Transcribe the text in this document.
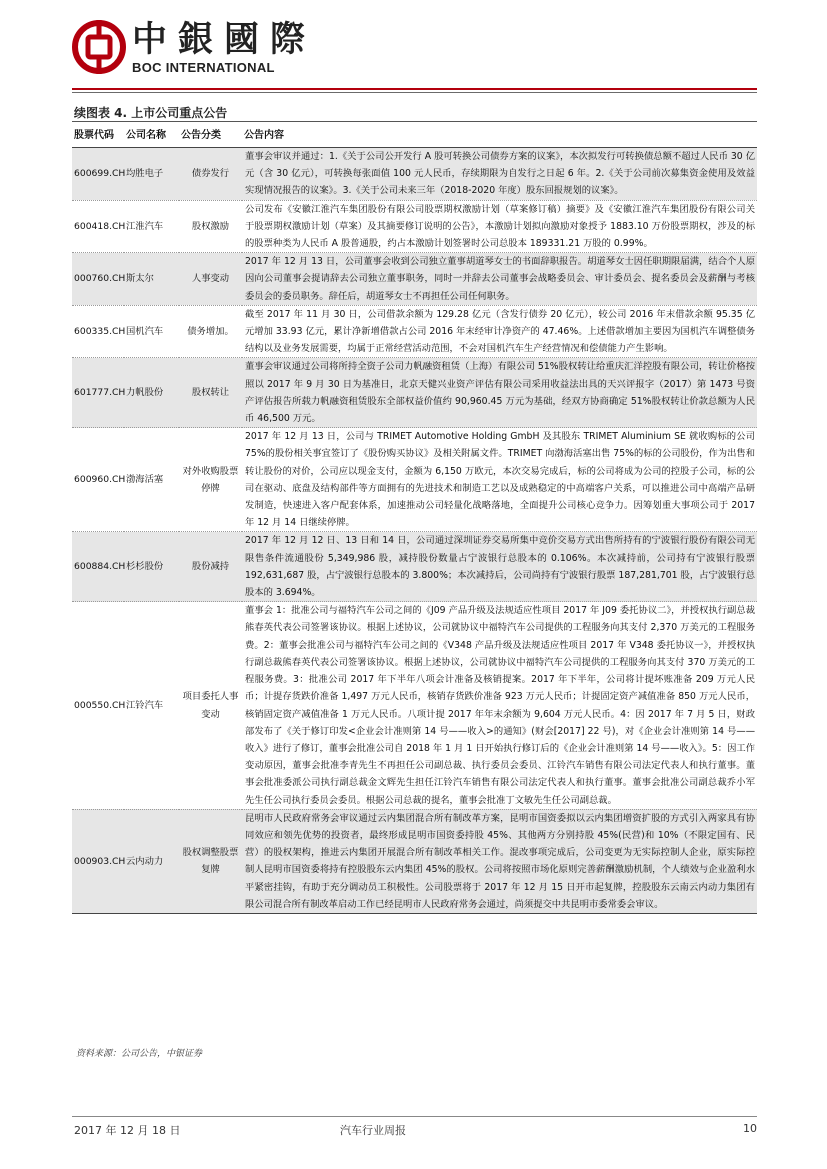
中銀國際
BOC INTERNATIONAL
续图表 4. 上市公司重点公告
股票代码	公司名称	公告分类	公告内容
600699.CH	均胜电子	债券发行	董事会审议并通过：1.《关于公司公开发行 A 股可转换公司债券方案的议案》，本次拟发行可转换债总额不超过人民币 30 亿元（含 30 亿元），可转换每张面值 100 元人民币，存续期限为自发行之日起 6 年。2.《关于公司前次募集资金使用及效益实现情况报告的议案》。3.《关于公司未来三年（2018-2020 年度）股东回报规划的议案》。
600418.CH	江淮汽车	股权激励	公司发布《安徽江淮汽车集团股份有限公司股票期权激励计划（草案修订稿）摘要》及《安徽江淮汽车集团股份有限公司关于股票期权激励计划（草案）及其摘要修订说明的公告》，本激励计划拟向激励对象授予 1883.10 万份股票期权，涉及的标的股票种类为人民币 A 股普通股，约占本激励计划签署时公司总股本 189331.21 万股的 0.99%。
000760.CH	斯太尔	人事变动	2017 年 12 月 13 日，公司董事会收到公司独立董事胡道琴女士的书面辞职报告。胡道琴女士因任职期限届满，结合个人原因向公司董事会提请辞去公司独立董事职务，同时一并辞去公司董事会战略委员会、审计委员会、提名委员会及薪酬与考核委员会的委员职务。辞任后，胡道琴女士不再担任公司任何职务。
600335.CH	国机汽车	债务增加。	截至 2017 年 11 月 30 日，公司借款余额为 129.28 亿元（含发行债券 20 亿元），较公司 2016 年末借款余额 95.35 亿元增加 33.93 亿元，累计净新增借款占公司 2016 年末经审计净资产的 47.46%。上述借款增加主要因为国机汽车调整债务结构以及业务发展需要，均属于正常经营活动范围，不会对国机汽车生产经营情况和偿债能力产生影响。
601777.CH	力帆股份	股权转让	董事会审议通过公司将所持全资子公司力帆融资租赁（上海）有限公司 51%股权转让给重庆汇洋控股有限公司，转让价格按照以 2017 年 9 月 30 日为基准日，北京天健兴业资产评估有限公司采用收益法出具的天兴评报字（2017）第 1473 号资产评估报告所载力帆融资租赁股东全部权益价值约 90,960.45 万元为基础，经双方协商确定 51%股权转让价款总额为人民币 46,500 万元。
600960.CH	渤海活塞	对外收购股票停牌	2017 年 12 月 13 日，公司与 TRIMET Automotive Holding GmbH 及其股东 TRIMET Aluminium SE 就收购标的公司 75%的股份相关事宜签订了《股份购买协议》及相关附属文件。TRIMET 向渤海活塞出售 75%的标的公司股份，作为出售和转让股份的对价，公司应以现金支付，金额为 6,150 万欧元，本次交易完成后，标的公司将成为公司的控股子公司，标的公司在驱动、底盘及结构部件等方面拥有的先进技术和制造工艺以及成熟稳定的中高端客户关系，可以推进公司中高端产品研发制造，快速进入客户配套体系，加速推动公司轻量化战略落地，全面提升公司核心竞争力。因筹划重大事项公司于 2017 年 12 月 14 日继续停牌。
600884.CH	杉杉股份	股份减持	2017 年 12 月 12 日、13 日和 14 日，公司通过深圳证券交易所集中竞价交易方式出售所持有的宁波银行股份有限公司无限售条件流通股份 5,349,986 股，减持股份数量占宁波银行总股本的 0.106%。本次减持前，公司持有宁波银行股票 192,631,687 股，占宁波银行总股本的 3.800%；本次减持后，公司尚持有宁波银行股票 187,281,701 股，占宁波银行总股本的 3.694%。
000550.CH	江铃汽车	项目委托人事变动	董事会 1：批准公司与福特汽车公司之间的《J09 产品升级及法规适应性项目 2017 年 J09 委托协议二》，并授权执行副总裁熊春英代表公司签署该协议。根据上述协议，公司就协议中福特汽车公司提供的工程服务向其支付 2,370 万美元的工程服务费。2：董事会批准公司与福特汽车公司之间的《V348 产品升级及法规适应性项目 2017 年 V348 委托协议一》，并授权执行副总裁熊春英代表公司签署该协议。根据上述协议，公司就协议中福特汽车公司提供的工程服务向其支付 370 万美元的工程服务费。3：批准公司 2017 年下半年八项会计准备及核销提案。2017 年下半年，公司将计提坏账准备 209 万元人民币；计提存货跌价准备 1,497 万元人民币，核销存货跌价准备 923 万元人民币；计提固定资产减值准备 850 万元人民币，核销固定资产减值准备 1 万元人民币。八项计提 2017 年年末余额为 9,604 万元人民币。4：因 2017 年 7 月 5 日，财政部发布了《关于修订印发<企业会计准则第 14 号——收入>的通知》(财会[2017] 22 号)，对《企业会计准则第 14 号——收入》进行了修订，董事会批准公司自 2018 年 1 月 1 日开始执行修订后的《企业会计准则第 14 号——收入》。5：因工作变动原因，董事会批准李青先生不再担任公司副总裁、执行委员会委员、江铃汽车销售有限公司法定代表人和执行董事。董事会批准委派公司执行副总裁金文辉先生担任江铃汽车销售有限公司法定代表人和执行董事。董事会批准公司副总裁乔小军先生任公司执行委员会委员。根据公司总裁的提名，董事会批准丁文敏先生任公司副总裁。
000903.CH	云内动力	股权调整股票复牌	昆明市人民政府常务会审议通过云内集团混合所有制改革方案，昆明市国资委拟以云内集团增资扩股的方式引入两家具有协同效应和领先优势的投资者，最终形成昆明市国资委持股 45%、其他两方分别持股 45%(民营)和 10%（不限定国有、民营）的股权架构，推进云内集团开展混合所有制改革相关工作。混改事项完成后，公司变更为无实际控制人企业，原实际控制人昆明市国资委将持有控股股东云内集团 45%的股权。公司将按照市场化原则完善薪酬激励机制，个人绩效与企业盈利水平紧密挂钩，有助于充分调动员工积极性。公司股票将于 2017 年 12 月 15 日开市起复牌，控股股东云南云内动力集团有限公司混合所有制改革启动工作已经昆明市人民政府常务会通过，尚须提交中共昆明市委常委会审议。
资料来源：公司公告，中银证券
2017 年 12 月 18 日	汽车行业周报	10
